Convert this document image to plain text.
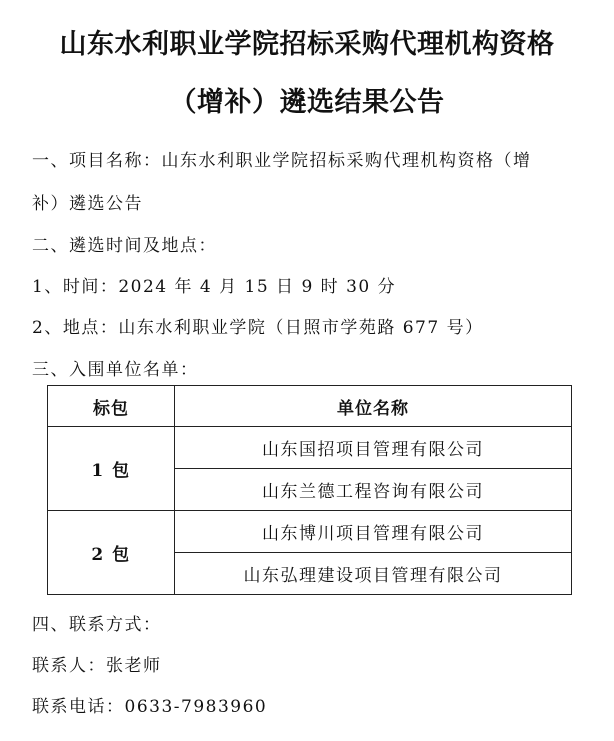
山东水利职业学院招标采购代理机构资格
（增补）遴选结果公告
一、项目名称：山东水利职业学院招标采购代理机构资格（增
补）遴选公告
二、遴选时间及地点：
1、时间：2024 年 4 月 15 日 9 时 30 分
2、地点：山东水利职业学院（日照市学苑路 677 号）
三、入围单位名单：
标包	单位名称
1 包	山东国招项目管理有限公司
	山东兰德工程咨询有限公司
2 包	山东博川项目管理有限公司
	山东弘理建设项目管理有限公司
四、联系方式：
联系人：张老师
联系电话：0633-7983960
